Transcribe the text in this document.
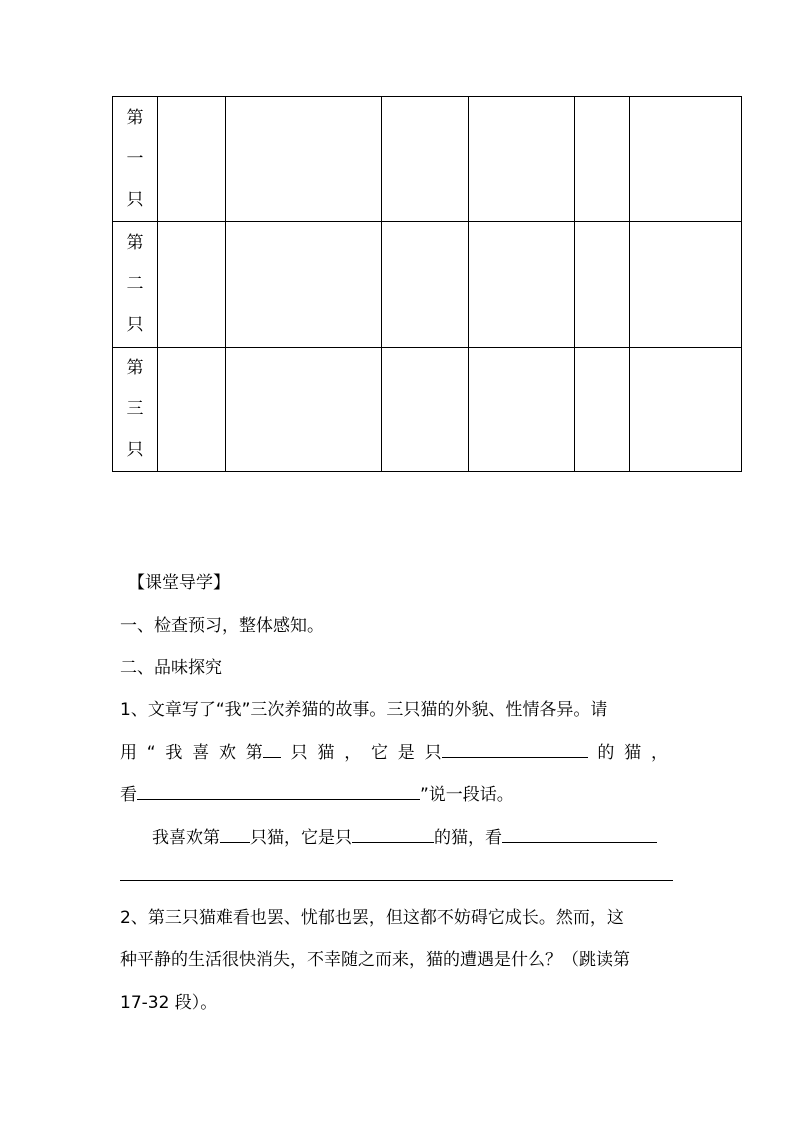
第
一
只						

第
二
只						

第
三
只						

【课堂导学】
一、检查预习，整体感知。
二、品味探究
1、文章写了“我”三次养猫的故事。三只猫的外貌、性情各异。请
用 “ 我 喜 欢 第	只 猫 ， 它 是 只	的 猫 ，
看	”说一段话。
我喜欢第 只猫，它是只	的猫，看
2、第三只猫难看也罢、忧郁也罢，但这都不妨碍它成长。然而，这
种平静的生活很快消失，不幸随之而来，猫的遭遇是什么？（跳读第
17-32 段）。
